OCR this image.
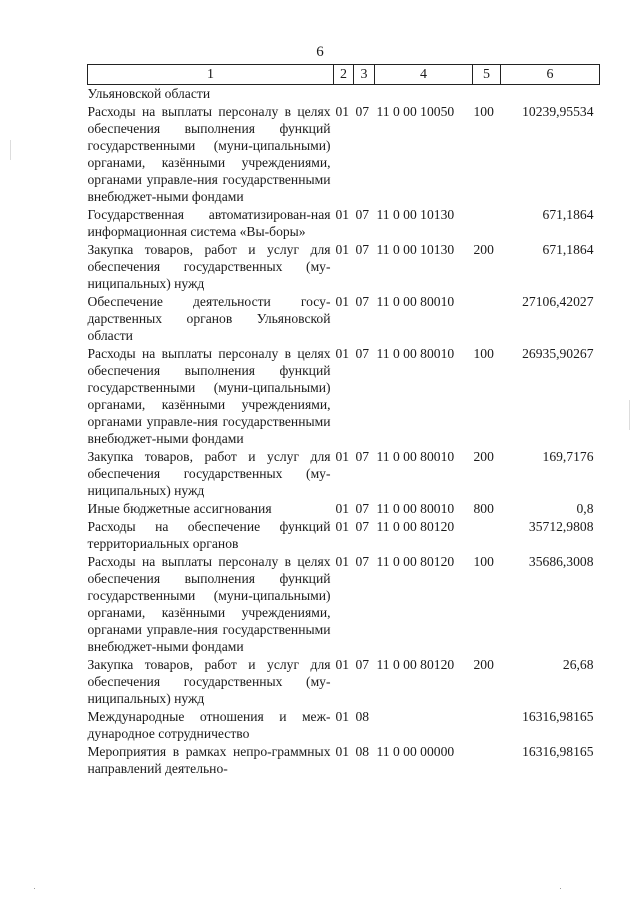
6
1	2	3	4	5	6
Ульяновской области					
Расходы на выплаты персоналу в целях обеспечения выполнения функций государственными (муни-ципальными) органами, казёнными учреждениями, органами управле-ния государственными внебюджет-ными фондами	01	07	11 0 00 10050	100	10239,95534
Государственная автоматизирован-ная информационная система «Вы-боры»	01	07	11 0 00 10130		671,1864
Закупка товаров, работ и услуг для обеспечения государственных (му-ниципальных) нужд	01	07	11 0 00 10130	200	671,1864
Обеспечение деятельности госу-дарственных органов Ульяновской области	01	07	11 0 00 80010		27106,42027
Расходы на выплаты персоналу в целях обеспечения выполнения функций государственными (муни-ципальными) органами, казёнными учреждениями, органами управле-ния государственными внебюджет-ными фондами	01	07	11 0 00 80010	100	26935,90267
Закупка товаров, работ и услуг для обеспечения государственных (му-ниципальных) нужд	01	07	11 0 00 80010	200	169,7176
Иные бюджетные ассигнования	01	07	11 0 00 80010	800	0,8
Расходы на обеспечение функций территориальных органов	01	07	11 0 00 80120		35712,9808
Расходы на выплаты персоналу в целях обеспечения выполнения функций государственными (муни-ципальными) органами, казёнными учреждениями, органами управле-ния государственными внебюджет-ными фондами	01	07	11 0 00 80120	100	35686,3008
Закупка товаров, работ и услуг для обеспечения государственных (му-ниципальных) нужд	01	07	11 0 00 80120	200	26,68
Международные отношения и меж-дународное сотрудничество	01	08			16316,98165
Мероприятия в рамках непро-граммных направлений деятельно-	01	08	11 0 00 00000		16316,98165
